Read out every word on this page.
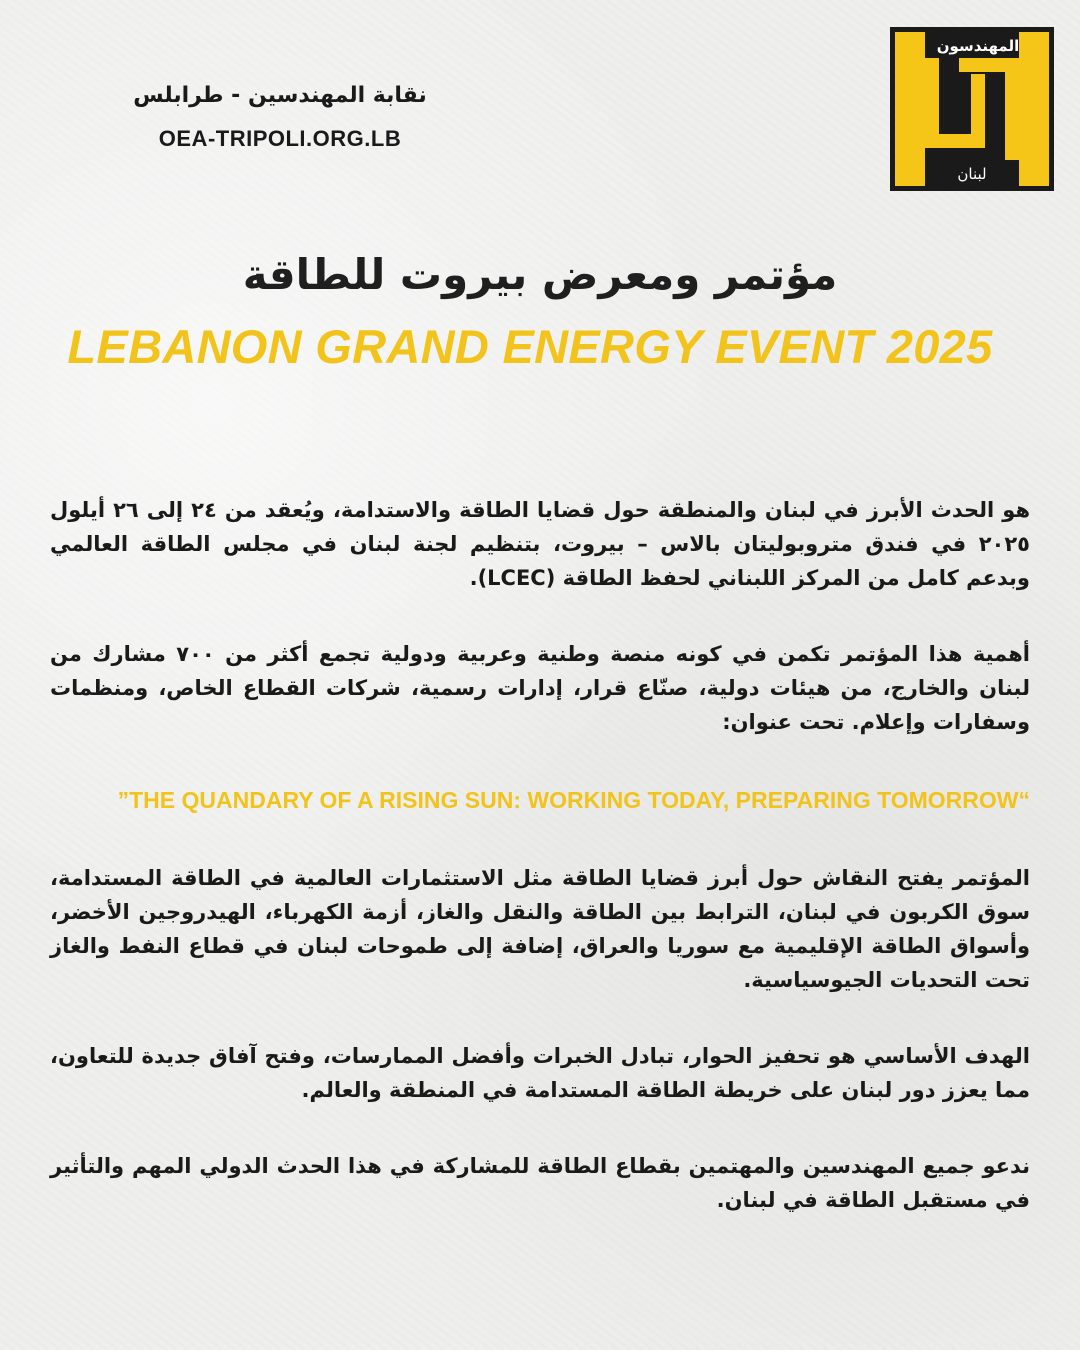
نقابة المهندسين - طرابلس
OEA-TRIPOLI.ORG.LB
المهندسون
لبنان
مؤتمر ومعرض بيروت للطاقة
LEBANON GRAND ENERGY EVENT 2025

هو الحدث الأبرز في لبنان والمنطقة حول قضايا الطاقة والاستدامة، ويُعقد من ٢٤ إلى ٢٦ أيلول ٢٠٢٥ في فندق متروبوليتان بالاس – بيروت، بتنظيم لجنة لبنان في مجلس الطاقة العالمي وبدعم كامل من المركز اللبناني لحفظ الطاقة (LCEC).

أهمية هذا المؤتمر تكمن في كونه منصة وطنية وعربية ودولية تجمع أكثر من ٧٠٠ مشارك من لبنان والخارج، من هيئات دولية، صنّاع قرار، إدارات رسمية، شركات القطاع الخاص، ومنظمات وسفارات وإعلام. تحت عنوان:

“THE QUANDARY OF A RISING SUN: WORKING TODAY, PREPARING TOMORROW”

المؤتمر يفتح النقاش حول أبرز قضايا الطاقة مثل الاستثمارات العالمية في الطاقة المستدامة، سوق الكربون في لبنان، الترابط بين الطاقة والنقل والغاز، أزمة الكهرباء، الهيدروجين الأخضر، وأسواق الطاقة الإقليمية مع سوريا والعراق، إضافة إلى طموحات لبنان في قطاع النفط والغاز تحت التحديات الجيوسياسية.

الهدف الأساسي هو تحفيز الحوار، تبادل الخبرات وأفضل الممارسات، وفتح آفاق جديدة للتعاون، مما يعزز دور لبنان على خريطة الطاقة المستدامة في المنطقة والعالم.

ندعو جميع المهندسين والمهتمين بقطاع الطاقة للمشاركة في هذا الحدث الدولي المهم والتأثير في مستقبل الطاقة في لبنان.
